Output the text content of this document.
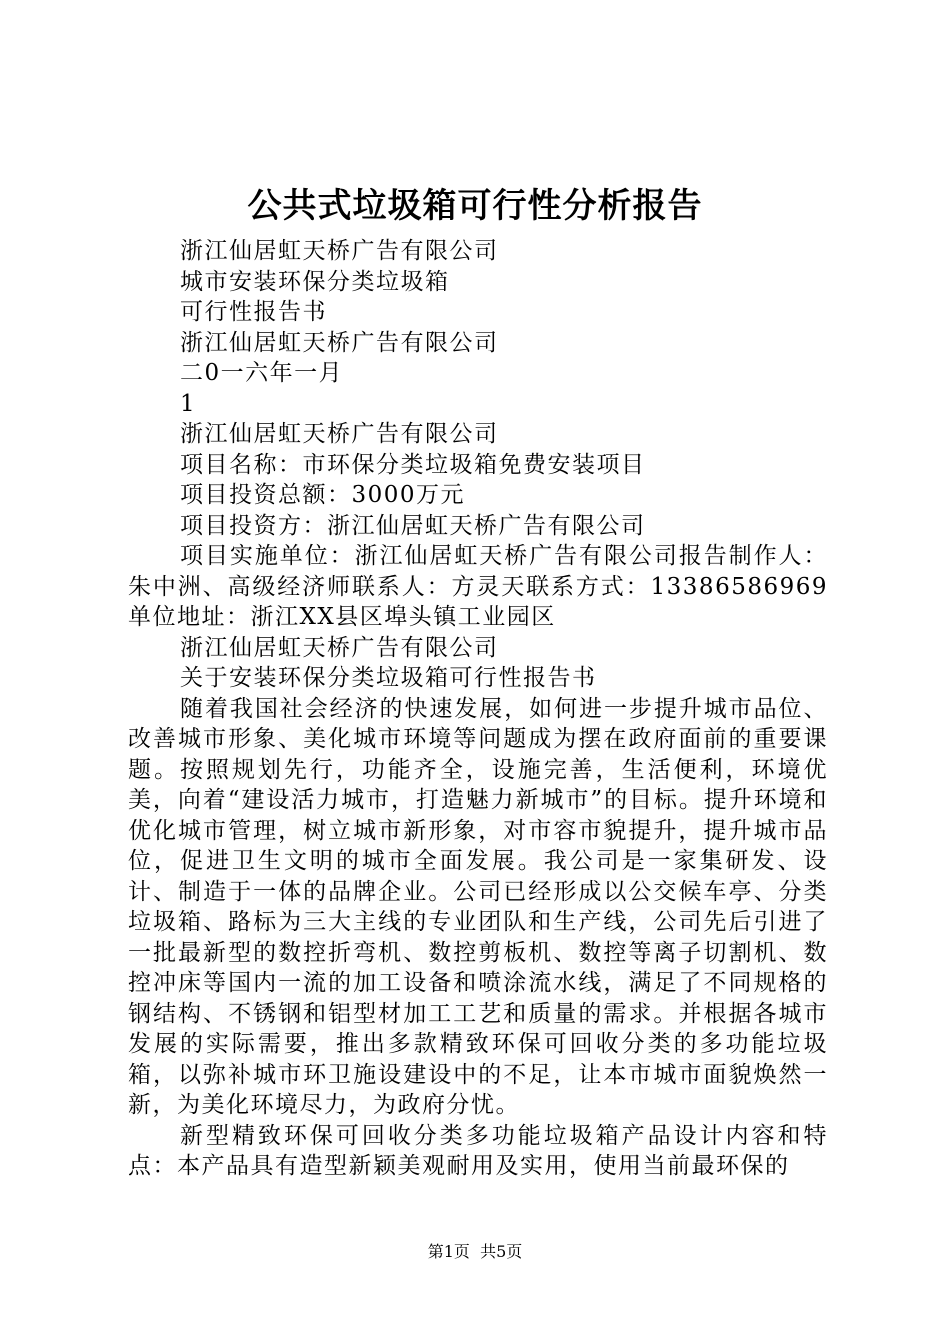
公共式垃圾箱可行性分析报告

浙江仙居虹天桥广告有限公司

城市安装环保分类垃圾箱

可行性报告书

浙江仙居虹天桥广告有限公司

二0一六年一月

1

浙江仙居虹天桥广告有限公司

项目名称：市环保分类垃圾箱免费安装项目

项目投资总额：3000万元

项目投资方：浙江仙居虹天桥广告有限公司

项目实施单位：浙江仙居虹天桥广告有限公司报告制作人：朱中洲、高级经济师联系人：方灵天联系方式：13386586969单位地址：浙江XX县区埠头镇工业园区

浙江仙居虹天桥广告有限公司

关于安装环保分类垃圾箱可行性报告书

随着我国社会经济的快速发展，如何进一步提升城市品位、改善城市形象、美化城市环境等问题成为摆在政府面前的重要课题。按照规划先行，功能齐全，设施完善，生活便利，环境优美，向着“建设活力城市，打造魅力新城市”的目标。提升环境和优化城市管理，树立城市新形象，对市容市貌提升，提升城市品位，促进卫生文明的城市全面发展。我公司是一家集研发、设计、制造于一体的品牌企业。公司已经形成以公交候车亭、分类垃圾箱、路标为三大主线的专业团队和生产线，公司先后引进了一批最新型的数控折弯机、数控剪板机、数控等离子切割机、数控冲床等国内一流的加工设备和喷涂流水线，满足了不同规格的钢结构、不锈钢和铝型材加工工艺和质量的需求。并根据各城市发展的实际需要，推出多款精致环保可回收分类的多功能垃圾箱，以弥补城市环卫施设建设中的不足，让本市城市面貌焕然一新，为美化环境尽力，为政府分忧。

新型精致环保可回收分类多功能垃圾箱产品设计内容和特点：本产品具有造型新颖美观耐用及实用，使用当前最环保的

第1页 共5页
